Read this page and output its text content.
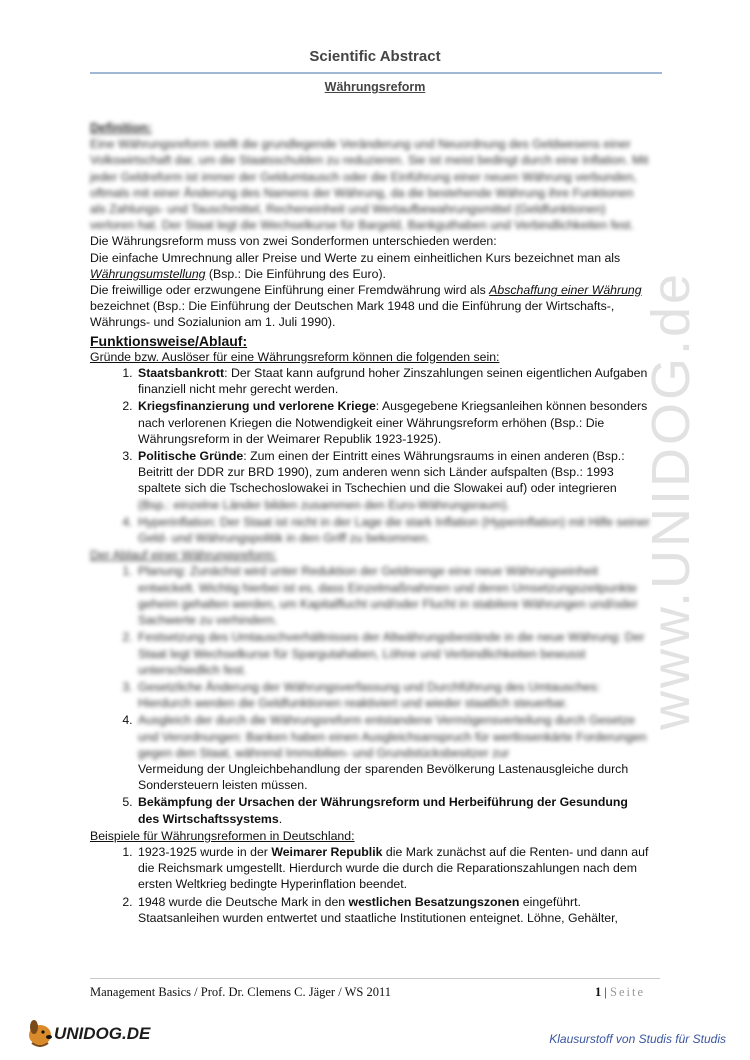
Scientific Abstract
Währungsreform
Definition:

Eine Währungsreform stellt die grundlegende Veränderung und Neuordnung des Geldwesens einer Volkswirtschaft dar, um die Staatsschulden zu reduzieren. Sie ist meist bedingt durch eine Inflation. Mit jeder Geldreform ist immer der Geldumtausch oder die Einführung einer neuen Währung verbunden, oftmals mit einer Änderung des Namens der Währung, da die bestehende Währung ihre Funktionen als Zahlungs- und Tauschmittel, Recheneinheit und Wertaufbewahrungsmittel (Geldfunktionen) verloren hat. Der Staat legt die Wechselkurse für Bargeld, Bankguthaben und Verbindlichkeiten fest.

Die Währungsreform muss von zwei Sonderformen unterschieden werden:

Die einfache Umrechnung aller Preise und Werte zu einem einheitlichen Kurs bezeichnet man als

Währungsumstellung (Bsp.: Die Einführung des Euro).

Die freiwillige oder erzwungene Einführung einer Fremdwährung wird als Abschaffung einer Währung bezeichnet (Bsp.: Die Einführung der Deutschen Mark 1948 und die Einführung der Wirtschafts-, Währungs- und Sozialunion am 1. Juli 1990).

Funktionsweise/Ablauf:
Gründe bzw. Auslöser für eine Währungsreform können die folgenden sein:
1. Staatsbankrott: Der Staat kann aufgrund hoher Zinszahlungen seinen eigentlichen Aufgaben finanziell nicht mehr gerecht werden.
2. Kriegsfinanzierung und verlorene Kriege: Ausgegebene Kriegsanleihen können besonders nach verlorenen Kriegen die Notwendigkeit einer Währungsreform erhöhen (Bsp.: Die Währungsreform in der Weimarer Republik 1923-1925).
3. Politische Gründe: Zum einen der Eintritt eines Währungsraums in einen anderen (Bsp.: Beitritt der DDR zur BRD 1990), zum anderen wenn sich Länder aufspalten (Bsp.: 1993 spaltete sich die Tschechoslowakei in Tschechien und die Slowakei auf) oder integrieren
(Bsp.: einzelne Länder bilden zusammen den Euro-Währungsraum).
4. Hyperinflation: Der Staat ist nicht in der Lage die stark Inflation (Hyperinflation) mit Hilfe seiner Geld- und Währungspolitik in den Griff zu bekommen.
Der Ablauf einer Währungsreform:
1. Planung: Zunächst wird unter Reduktion der Geldmenge eine neue Währungseinheit entwickelt. Wichtig hierbei ist es, dass Einzelmaßnahmen und deren Umsetzungszeitpunkte geheim gehalten werden, um Kapitalflucht und/oder Flucht in stabilere Währungen und/oder Sachwerte zu verhindern.
2. Festsetzung des Umtauschverhältnisses der Altwährungsbestände in die neue Währung: Der Staat legt Wechselkurse für Spargutahaben, Löhne und Verbindlichkeiten bewusst unterschiedlich fest.
3. Gesetzliche Änderung der Währungsverfassung und Durchführung des Umtausches: Hierdurch werden die Geldfunktionen reaktiviert und wieder staatlich steuerbar.
4. Ausgleich der durch die Währungsreform entstandene Vermögensverteilung durch Gesetze und Verordnungen: Banken haben einen Ausgleichsanspruch für wertlosenkärte Forderungen gegen den Staat, während Immobilien- und Grundstücksbesitzer zur
Vermeidung der Ungleichbehandlung der sparenden Bevölkerung Lastenausgleiche durch Sondersteuern leisten müssen.
5. Bekämpfung der Ursachen der Währungsreform und Herbeiführung der Gesundung des Wirtschaftssystems.
Beispiele für Währungsreformen in Deutschland:
1. 1923-1925 wurde in der Weimarer Republik die Mark zunächst auf die Renten- und dann auf die Reichsmark umgestellt. Hierdurch wurde die durch die Reparationszahlungen nach dem ersten Weltkrieg bedingte Hyperinflation beendet.
2. 1948 wurde die Deutsche Mark in den westlichen Besatzungszonen eingeführt. Staatsanleihen wurden entwertet und staatliche Institutionen enteignet. Löhne, Gehälter,
www.UNIDOG.de
Management Basics / Prof. Dr. Clemens C. Jäger / WS 2011	1 | Seite
UNIDOG.DE	Klausurstoff von Studis für Studis
